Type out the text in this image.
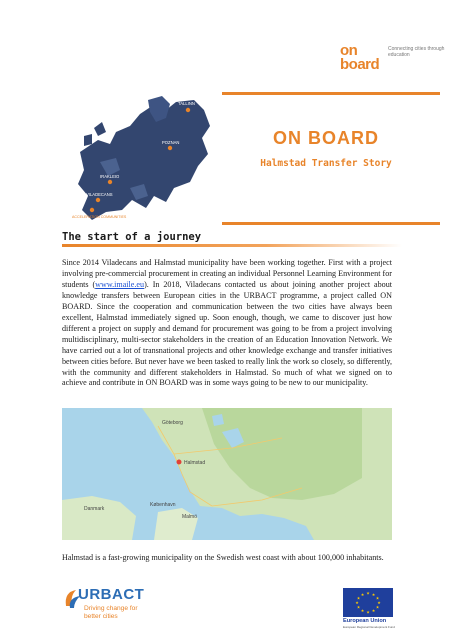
on
board
Connecting cities through education
TALLINN
POZNAN
IRAKLEIO
VILADECANS
ACCELERATION COMMUNITIES
ON BOARD
Halmstad Transfer Story
The start of a journey
Since 2014 Viladecans and Halmstad municipality have been working together. First with a project involving pre-commercial procurement in creating an individual Personnel Learning Environment for students (www.imaile.eu). In 2018, Viladecans contacted us about joining another project about knowledge transfers between European cities in the URBACT programme, a project called ON BOARD. Since the cooperation and communication between the two cities have always been excellent, Halmstad immediately signed up. Soon enough, though, we came to discover just how different a project on supply and demand for procurement was going to be from a project involving multidisciplinary, multi-sector stakeholders in the creation of an Education Innovation Network. We have carried out a lot of transnational projects and other knowledge exchange and transfer initiatives between cities before. But never have we been tasked to really link the work so closely, so differently, with the community and different stakeholders in Halmstad. So much of what we signed on to achieve and contribute in ON BOARD was in some ways going to be new to our municipality.
Göteborg
Halmstad
Danmark
København
Malmö
Halmstad is a fast-growing municipality on the Swedish west coast with about 100,000 inhabitants.
URBACT
Driving change for
better cities
★ ★
★
★
★
★
★
★
★
★
★
★
European Union
European Regional Development Fund
